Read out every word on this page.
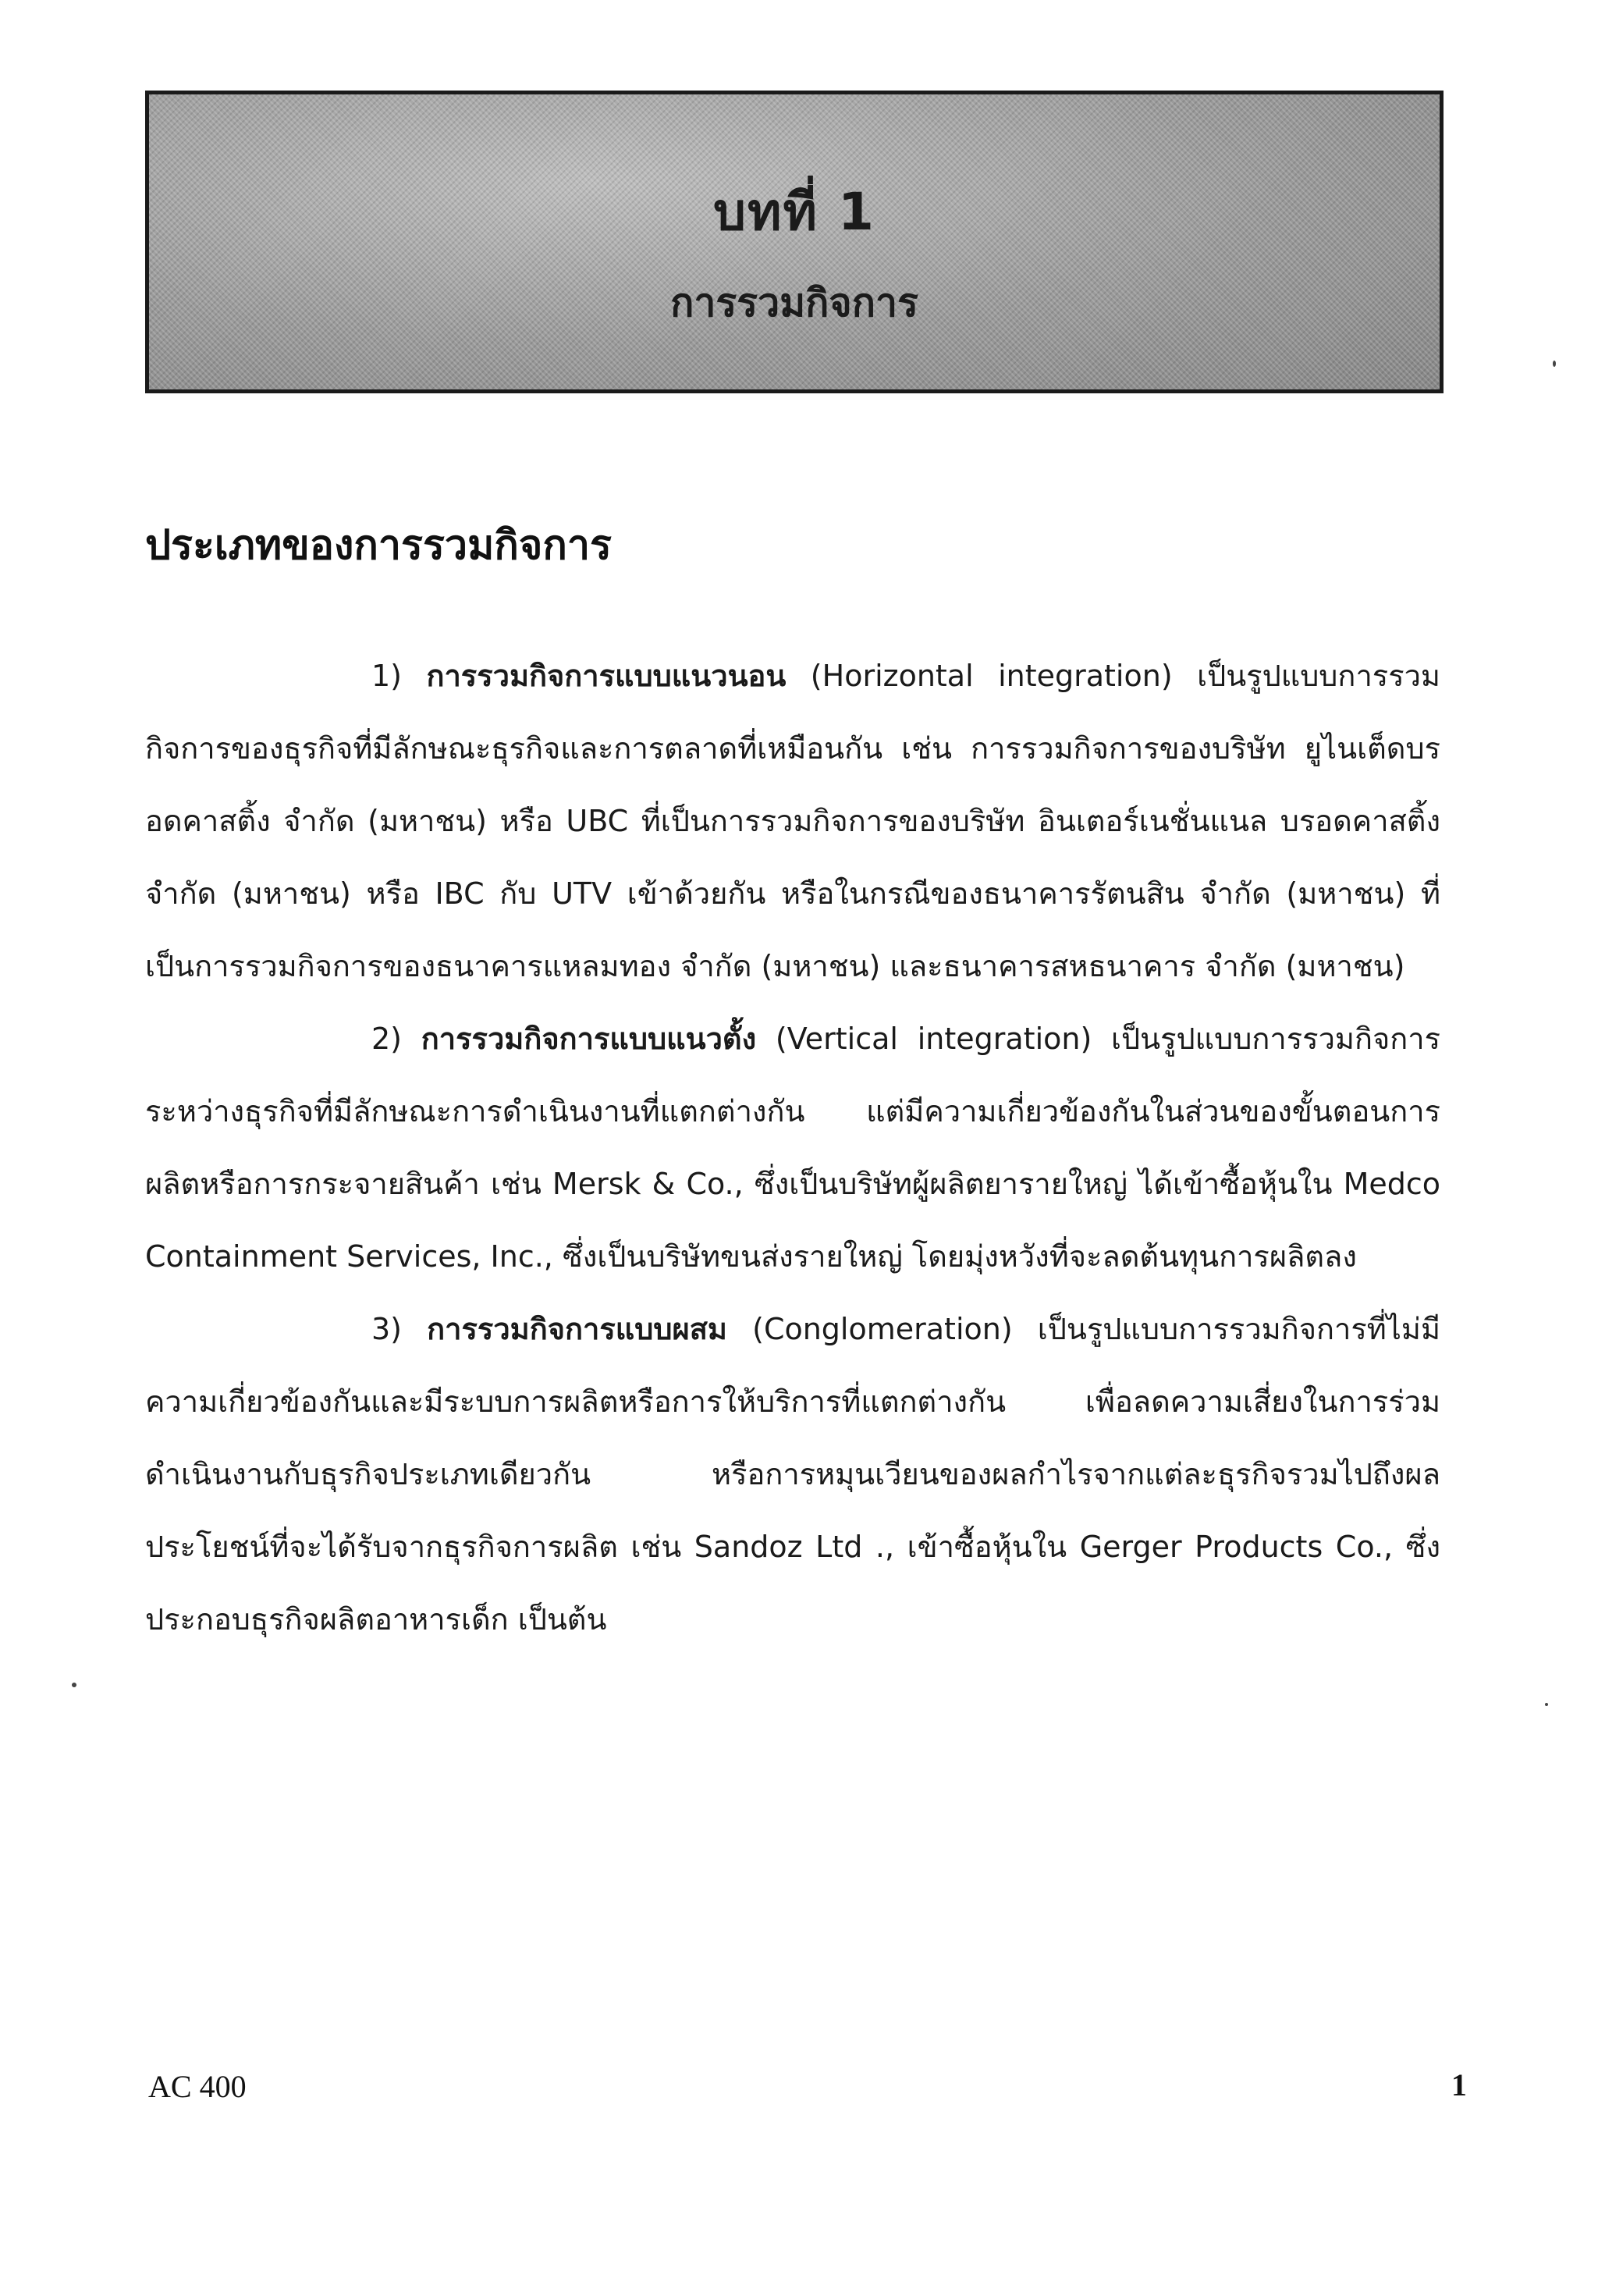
บทที่ 1
การรวมกิจการ
ประเภทของการรวมกิจการ

1) การรวมกิจการแบบแนวนอน (Horizontal integration) เป็นรูปแบบการรวมกิจการของธุรกิจที่มีลักษณะธุรกิจและการตลาดที่เหมือนกัน เช่น การรวมกิจการของบริษัท ยูไนเต็ดบรอดคาสติ้ง จำกัด (มหาชน) หรือ UBC ที่เป็นการรวมกิจการของบริษัท อินเตอร์เนชั่นแนล บรอดคาสติ้ง จำกัด (มหาชน) หรือ IBC กับ UTV เข้าด้วยกัน หรือในกรณีของธนาคารรัตนสิน จำกัด (มหาชน) ที่เป็นการรวมกิจการของธนาคารแหลมทอง จำกัด (มหาชน) และธนาคารสหธนาคาร จำกัด (มหาชน)

2) การรวมกิจการแบบแนวตั้ง (Vertical integration) เป็นรูปแบบการรวมกิจการระหว่างธุรกิจที่มีลักษณะการดำเนินงานที่แตกต่างกัน แต่มีความเกี่ยวข้องกันในส่วนของขั้นตอนการผลิตหรือการกระจายสินค้า เช่น Mersk & Co., ซึ่งเป็นบริษัทผู้ผลิตยารายใหญ่ ได้เข้าซื้อหุ้นใน Medco Containment Services, Inc., ซึ่งเป็นบริษัทขนส่งรายใหญ่ โดยมุ่งหวังที่จะลดต้นทุนการผลิตลง

3) การรวมกิจการแบบผสม (Conglomeration) เป็นรูปแบบการรวมกิจการที่ไม่มีความเกี่ยวข้องกันและมีระบบการผลิตหรือการให้บริการที่แตกต่างกัน เพื่อลดความเสี่ยงในการร่วมดำเนินงานกับธุรกิจประเภทเดียวกัน หรือการหมุนเวียนของผลกำไรจากแต่ละธุรกิจรวมไปถึงผลประโยชน์ที่จะได้รับจากธุรกิจการผลิต เช่น Sandoz Ltd ., เข้าซื้อหุ้นใน Gerger Products Co., ซึ่งประกอบธุรกิจผลิตอาหารเด็ก เป็นต้น

AC 400	1
